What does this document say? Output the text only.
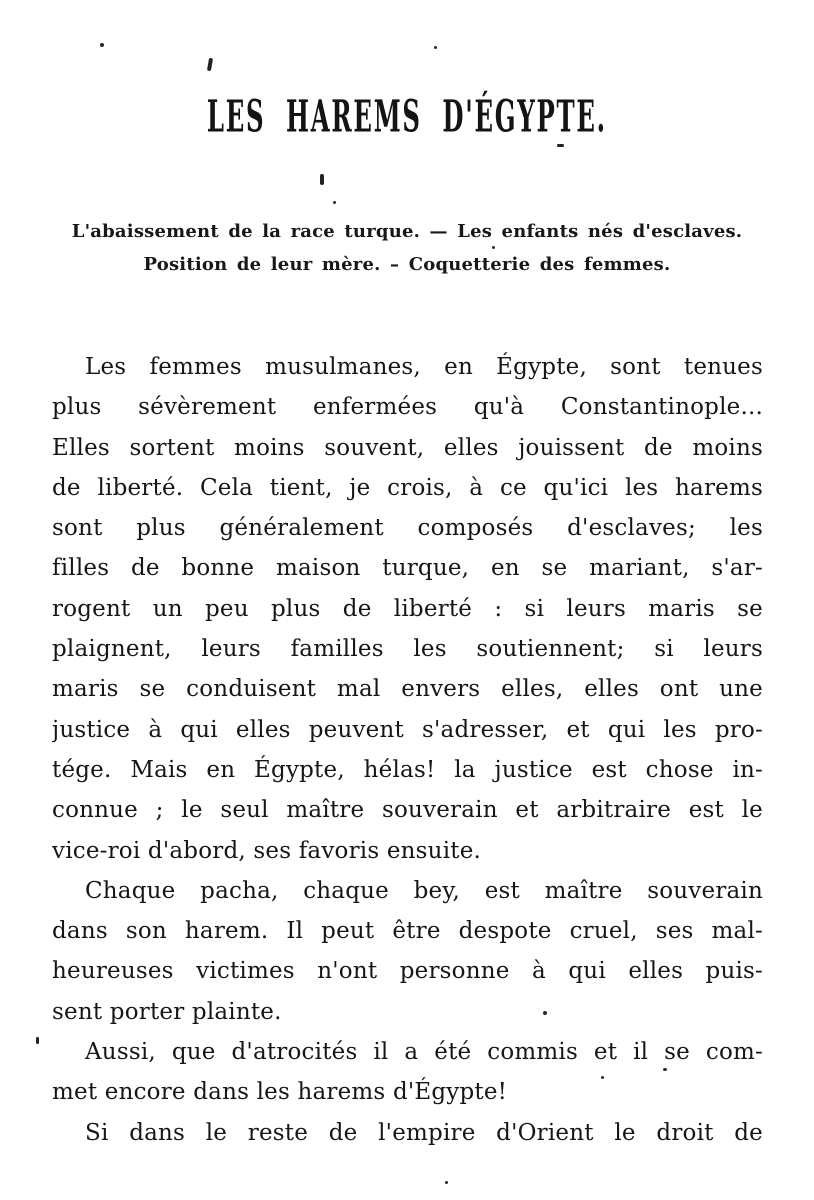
LES HAREMS D'ÉGYPTE.
L'abaissement de la race turque. — Les enfants nés d'esclaves.
Position de leur mère. – Coquetterie des femmes.
Les femmes musulmanes, en Égypte, sont tenues
plus sévèrement enfermées qu'à Constantinople...
Elles sortent moins souvent, elles jouissent de moins
de liberté. Cela tient, je crois, à ce qu'ici les harems
sont plus généralement composés d'esclaves; les
filles de bonne maison turque, en se mariant, s'ar-
rogent un peu plus de liberté : si leurs maris se
plaignent, leurs familles les soutiennent; si leurs
maris se conduisent mal envers elles, elles ont une
justice à qui elles peuvent s'adresser, et qui les pro-
tége. Mais en Égypte, hélas! la justice est chose in-
connue ; le seul maître souverain et arbitraire est le
vice-roi d'abord, ses favoris ensuite.
Chaque pacha, chaque bey, est maître souverain
dans son harem. Il peut être despote cruel, ses mal-
heureuses victimes n'ont personne à qui elles puis-
sent porter plainte.
Aussi, que d'atrocités il a été commis et il se com-
met encore dans les harems d'Égypte!
Si dans le reste de l'empire d'Orient le droit de
